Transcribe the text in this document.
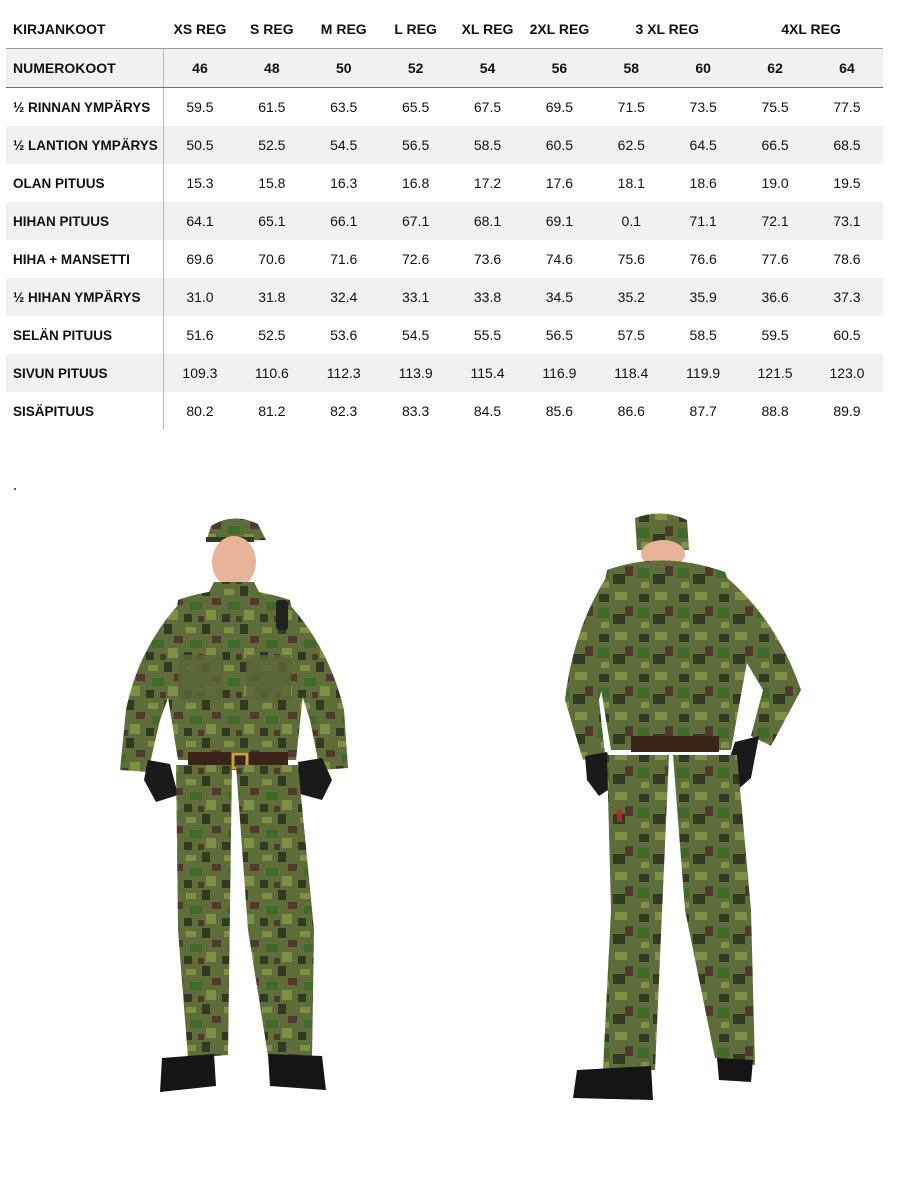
KIRJANKOOT	XS REG	S REG	M REG	L REG	XL REG	2XL REG	3 XL REG	4XL REG
NUMEROKOOT	46	48	50	52	54	56	58	60	62	64
½ RINNAN YMPÄRYS	59.5	61.5	63.5	65.5	67.5	69.5	71.5	73.5	75.5	77.5
½ LANTION YMPÄRYS	50.5	52.5	54.5	56.5	58.5	60.5	62.5	64.5	66.5	68.5
OLAN PITUUS	15.3	15.8	16.3	16.8	17.2	17.6	18.1	18.6	19.0	19.5
HIHAN PITUUS	64.1	65.1	66.1	67.1	68.1	69.1	0.1	71.1	72.1	73.1
HIHA + MANSETTI	69.6	70.6	71.6	72.6	73.6	74.6	75.6	76.6	77.6	78.6
½ HIHAN YMPÄRYS	31.0	31.8	32.4	33.1	33.8	34.5	35.2	35.9	36.6	37.3
SELÄN PITUUS	51.6	52.5	53.6	54.5	55.5	56.5	57.5	58.5	59.5	60.5
SIVUN PITUUS	109.3	110.6	112.3	113.9	115.4	116.9	118.4	119.9	121.5	123.0
SISÄPITUUS	80.2	81.2	82.3	83.3	84.5	85.6	86.6	87.7	88.8	89.9
